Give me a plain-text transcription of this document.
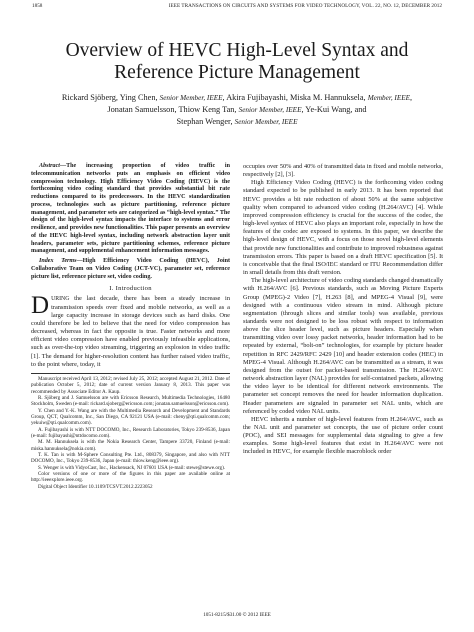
1858	IEEE TRANSACTIONS ON CIRCUITS AND SYSTEMS FOR VIDEO TECHNOLOGY, VOL. 22, NO. 12, DECEMBER 2012
Overview of HEVC High-Level Syntax and
Reference Picture Management
Rickard Sjöberg, Ying Chen, Senior Member, IEEE, Akira Fujibayashi, Miska M. Hannuksela, Member, IEEE,
Jonatan Samuelsson, Thiow Keng Tan, Senior Member, IEEE, Ye-Kui Wang, and
Stephan Wenger, Senior Member, IEEE

Abstract—The increasing proportion of video traffic in telecommunication networks puts an emphasis on efficient video compression technology. High Efficiency Video Coding (HEVC) is the forthcoming video coding standard that provides substantial bit rate reductions compared to its predecessors. In the HEVC standardization process, technologies such as picture partitioning, reference picture management, and parameter sets are categorized as “high-level syntax.” The design of the high-level syntax impacts the interface to systems and error resilience, and provides new functionalities. This paper presents an overview of the HEVC high-level syntax, including network abstraction layer unit headers, parameter sets, picture partitioning schemes, reference picture management, and supplemental enhancement information messages.

Index Terms—High Efficiency Video Coding (HEVC), Joint Collaborative Team on Video Coding (JCT-VC), parameter set, reference picture list, reference picture set, video coding.

I. Introduction

DURING the last decade, there has been a steady increase in transmission speeds over fixed and mobile networks, as well as a large capacity increase in storage devices such as hard disks. One could therefore be led to believe that the need for video compression has decreased, whereas in fact the opposite is true. Faster networks and more efficient video compression have enabled previously infeasible applications, such as over-the-top video streaming, triggering an explosion in video traffic [1]. The demand for higher-resolution content has further raised video traffic, to the point where, today, it

Manuscript received April 13, 2012; revised July 25, 2012; accepted August 21, 2012. Date of publication October 5, 2012; date of current version January 8, 2013. This paper was recommended by Associate Editor A. Kaup.

R. Sjöberg and J. Samuelsson are with Ericsson Research, Multimedia Technologies, 16480 Stockholm, Sweden (e-mail: rickard.sjoberg@ericsson.com; jonatan.samuelsson@ericsson.com).

Y. Chen and Y.-K. Wang are with the Multimedia Research and Development and Standards Group, QCT, Qualcomm, Inc., San Diego, CA 92121 USA (e-mail: cheny@qti.qualcomm.com; yekuiw@qti.qualcomm.com).

A. Fujibayashi is with NTT DOCOMO, Inc., Research Laboratories, Tokyo 239-8536, Japan (e-mail: fujibayashi@nttdocomo.com).

M. M. Hannuksela is with the Nokia Research Center, Tampere 33720, Finland (e-mail: miska.hannuksela@nokia.com).

T. K. Tan is with M-Sphere Consulting Pte. Ltd., 808379, Singapore, and also with NTT DOCOMO, Inc., Tokyo 239-8536, Japan (e-mail: thiow.keng@ieee.org).

S. Wenger is with VidyoCast, Inc., Hackensack, NJ 07601 USA (e-mail: stewe@stewe.org).

Color versions of one or more of the figures in this paper are available online at http://ieeexplore.ieee.org.

Digital Object Identifier 10.1109/TCSVT.2012.2223052

occupies over 50% and 40% of transmitted data in fixed and mobile networks, respectively [2], [3].

High Efficiency Video Coding (HEVC) is the forthcoming video coding standard expected to be published in early 2013. It has been reported that HEVC provides a bit rate reduction of about 50% at the same subjective quality when compared to advanced video coding (H.264/AVC) [4]. While improved compression efficiency is crucial for the success of the codec, the high-level syntax of HEVC also plays an important role, especially in how the features of the codec are exposed to systems. In this paper, we describe the high-level design of HEVC, with a focus on those novel high-level elements that provide new functionalities and contribute to improved robustness against transmission errors. This paper is based on a draft HEVC specification [5]. It is conceivable that the final ISO/IEC standard or ITU Recommendation differ in small details from this draft version.

The high-level architecture of video coding standards changed dramatically with H.264/AVC [6]. Previous standards, such as Moving Picture Experts Group (MPEG)-2 Video [7], H.263 [8], and MPEG-4 Visual [9], were designed with a continuous video stream in mind. Although picture segmentation (through slices and similar tools) was available, previous standards were not designed to be loss robust with respect to information above the slice header level, such as picture headers. Especially when transmitting video over lossy packet networks, header information had to be repeated by external, “bolt-on” technologies, for example by picture header repetition in RFC 2429/RFC 2429 [10] and header extension codes (HEC) in MPEG-4 Visual. Although H.264/AVC can be transmitted as a stream, it was designed from the outset for packet-based transmission. The H.264/AVC network abstraction layer (NAL) provides for self-contained packets, allowing the video layer to be identical for different network environments. The parameter set concept removes the need for header information duplication. Header parameters are signaled in parameter set NAL units, which are referenced by coded video NAL units.

HEVC inherits a number of high-level features from H.264/AVC, such as the NAL unit and parameter set concepts, the use of picture order count (POC), and SEI messages for supplemental data signaling to give a few examples. Some high-level features that exist in H.264/AVC were not included in HEVC, for example flexible macroblock order

1051-8215/$31.00 © 2012 IEEE
